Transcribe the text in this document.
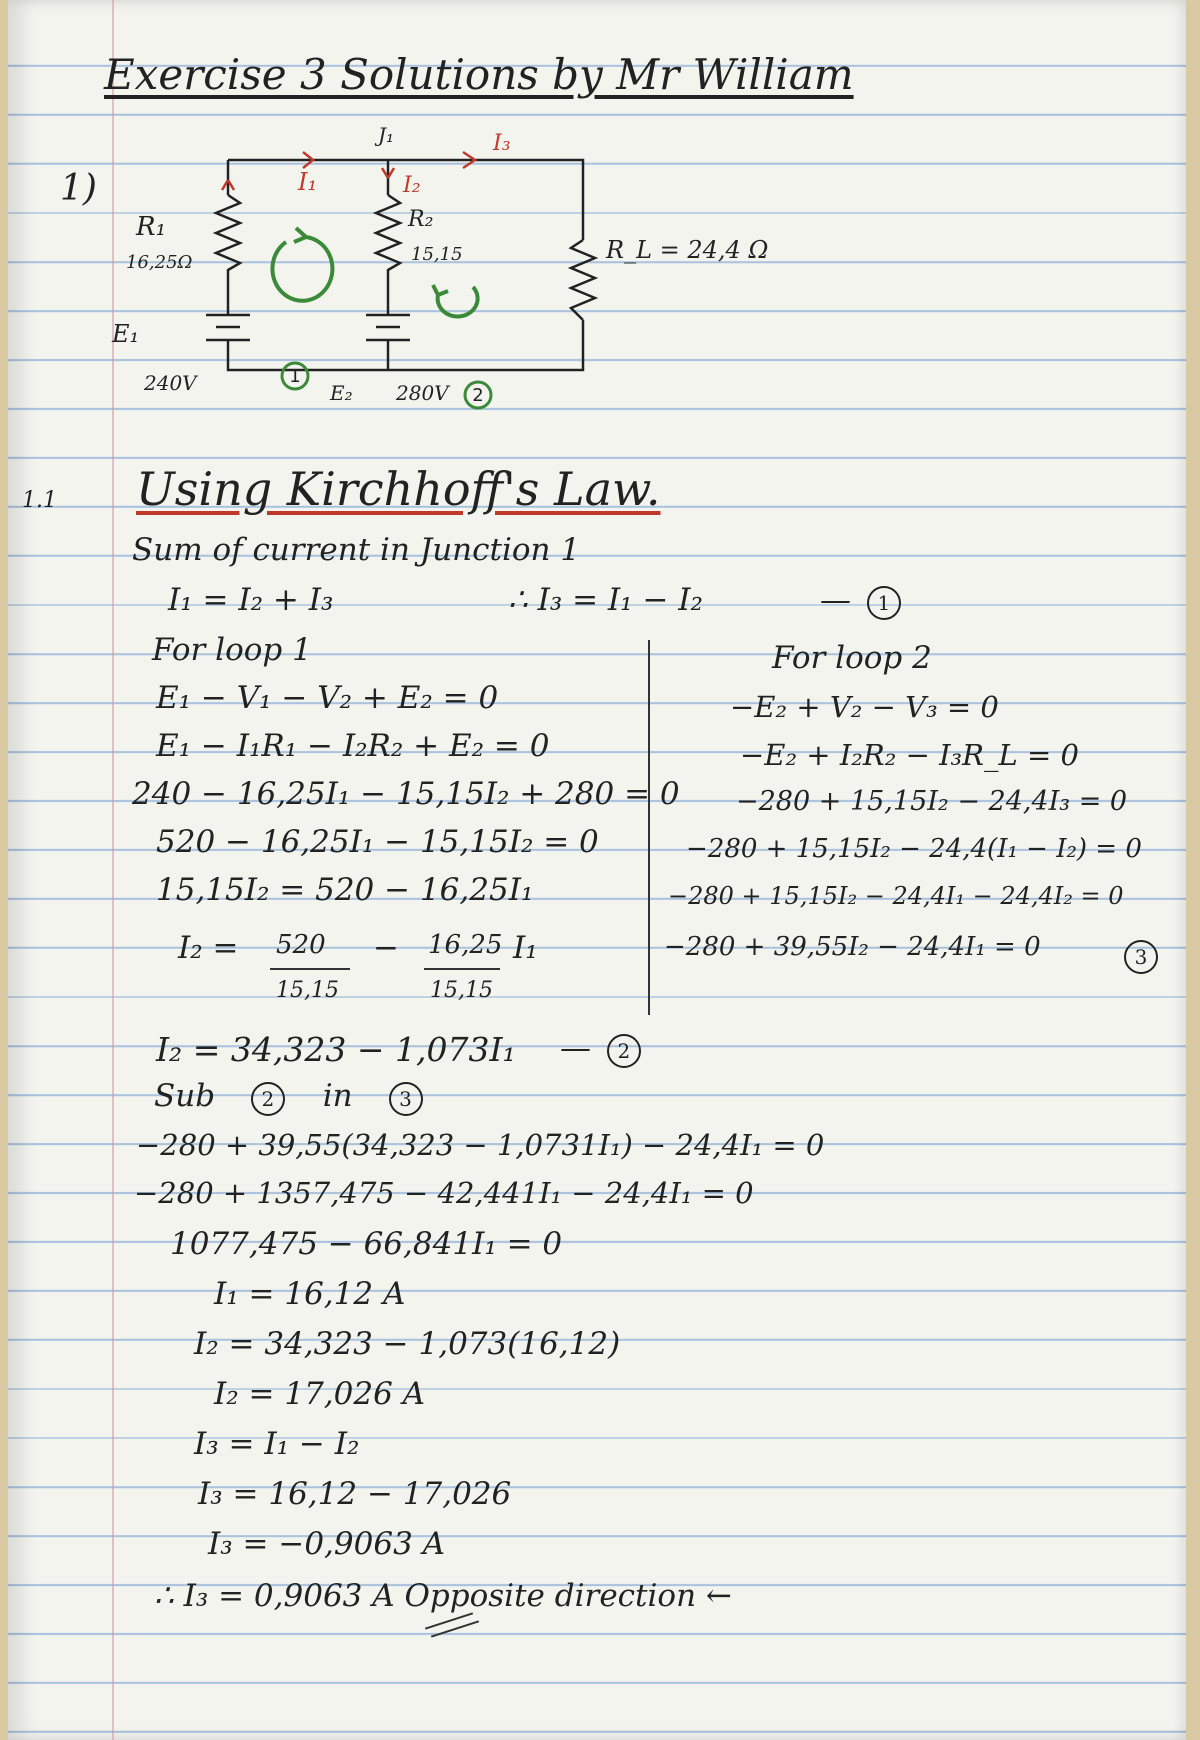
Exercise 3 Solutions by Mr William
1)
J₁
I₁	I₂
I₃
R₁
16,25Ω
R₂
15,15	R_L = 24,4 Ω
E₁
240V	E₂ 280V
1
2
1.1 Using Kirchhoff's Law.
Sum of current in Junction 1
I₁ = I₂ + I₃	∴ I₃ = I₁ − I₂	— 1
For loop 1
E₁ − V₁ − V₂ + E₂ = 0
E₁ − I₁R₁ − I₂R₂ + E₂ = 0
240 − 16,25I₁ − 15,15I₂ + 280 = 0
520 − 16,25I₁ − 15,15I₂ = 0
15,15I₂ = 520 − 16,25I₁
I₂ = 520
15,15
− 16,25
15,15
I₁
For loop 2
−E₂ + V₂ − V₃ = 0
−E₂ + I₂R₂ − I₃R_L = 0
−280 + 15,15I₂ − 24,4I₃ = 0
−280 + 15,15I₂ − 24,4(I₁ − I₂) = 0
−280 + 15,15I₂ − 24,4I₁ − 24,4I₂ = 0
−280 + 39,55I₂ − 24,4I₁ = 0	3
I₂ = 34,323 − 1,073I₁ — 2
Sub 2 in 3
−280 + 39,55(34,323 − 1,0731I₁) − 24,4I₁ = 0
−280 + 1357,475 − 42,441I₁ − 24,4I₁ = 0
1077,475 − 66,841I₁ = 0
I₁ = 16,12 A
I₂ = 34,323 − 1,073(16,12)
I₂ = 17,026 A
I₃ = I₁ − I₂
I₃ = 16,12 − 17,026
I₃ = −0,9063 A
∴ I₃ = 0,9063 A Opposite direction ←
